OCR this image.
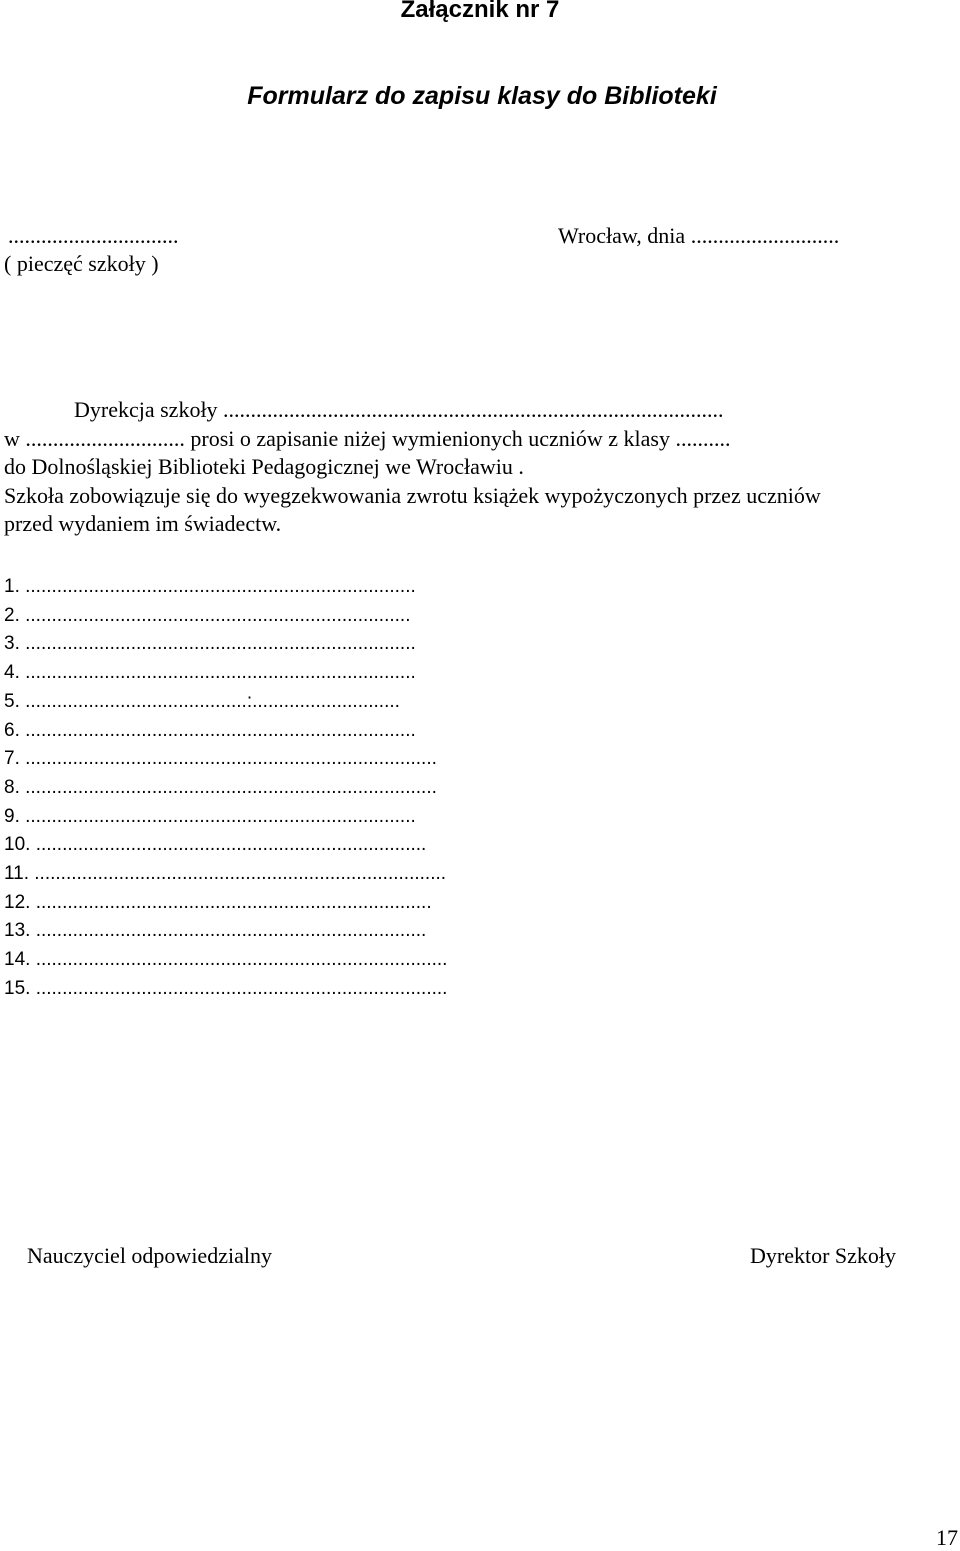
Załącznik nr 7
Formularz do zapisu klasy do Biblioteki
...............................
( pieczęć szkoły )
Wrocław, dnia ...........................
Dyrekcja szkoły ...........................................................................................
w ............................. prosi o zapisanie niżej wymienionych uczniów z klasy ..........
do Dolnośląskiej Biblioteki Pedagogicznej we Wrocławiu .
Szkoła zobowiązuje się do wyegzekwowania zwrotu książek wypożyczonych przez uczniów
przed wydaniem im świadectw.
1. ..........................................................................
2. .........................................................................
3. ..........................................................................
4. ..........................................................................
5. ..........................................:............................
6. ..........................................................................
7. ..............................................................................
8. ..............................................................................
9. ..........................................................................
10. ..........................................................................
11. ..............................................................................
12. ...........................................................................
13. ..........................................................................
14. ..............................................................................
15. ..............................................................................
Nauczyciel odpowiedzialny	Dyrektor Szkoły
17
